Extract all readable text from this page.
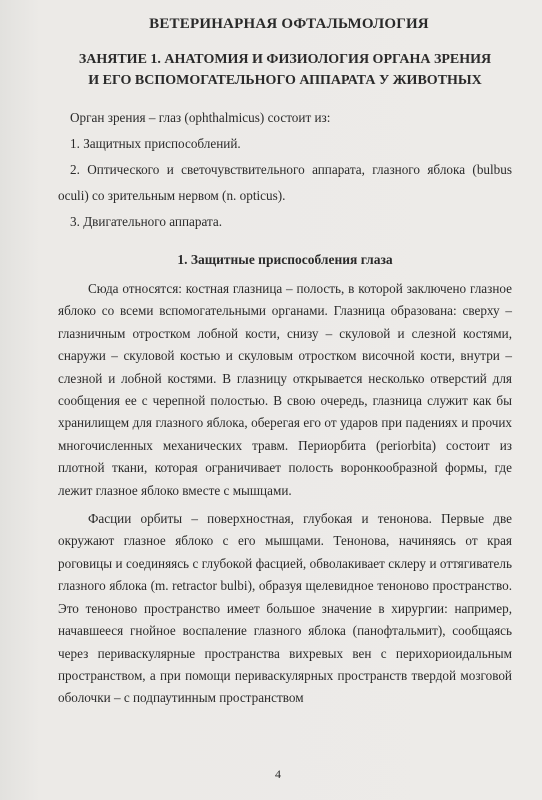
ВЕТЕРИНАРНАЯ ОФТАЛЬМОЛОГИЯ
ЗАНЯТИЕ 1. АНАТОМИЯ И ФИЗИОЛОГИЯ ОРГАНА ЗРЕНИЯ
И ЕГО ВСПОМОГАТЕЛЬНОГО АППАРАТА У ЖИВОТНЫХ

Орган зрения – глаз (ophthalmicus) состоит из:

1. Защитных приспособлений.

2. Оптического и светочувствительного аппарата, глазного яблока (bulbus oculi) со зрительным нервом (n. opticus).

3. Двигательного аппарата.

1. Защитные приспособления глаза

Сюда относятся: костная глазница – полость, в которой заключено глазное яблоко со всеми вспомогательными органами. Глазница образована: сверху – глазничным отростком лобной кости, снизу – скуловой и слезной костями, снаружи – скуловой костью и скуловым отростком височной кости, внутри – слезной и лобной костями. В глазницу открывается несколько отверстий для сообщения ее с черепной полостью. В свою очередь, глазница служит как бы хранилищем для глазного яблока, оберегая его от ударов при падениях и прочих многочисленных механических травм. Периорбита (periorbita) состоит из плотной ткани, которая ограничивает полость воронкообразной формы, где лежит глазное яблоко вместе с мышцами.

Фасции орбиты – поверхностная, глубокая и тенонова. Первые две окружают глазное яблоко с его мышцами. Тенонова, начиняясь от края роговицы и соединяясь с глубокой фасцией, обволакивает склеру и оттягиватель глазного яблока (m. retractor bulbi), образуя щелевидное теноново пространство. Это теноново пространство имеет большое значение в хирургии: например, начавшееся гнойное воспаление глазного яблока (панофтальмит), сообщаясь через периваскулярные пространства вихревых вен с перихориоидальным пространством, а при помощи периваскулярных пространств твердой мозговой оболочки – с подпаутинным пространством

4
